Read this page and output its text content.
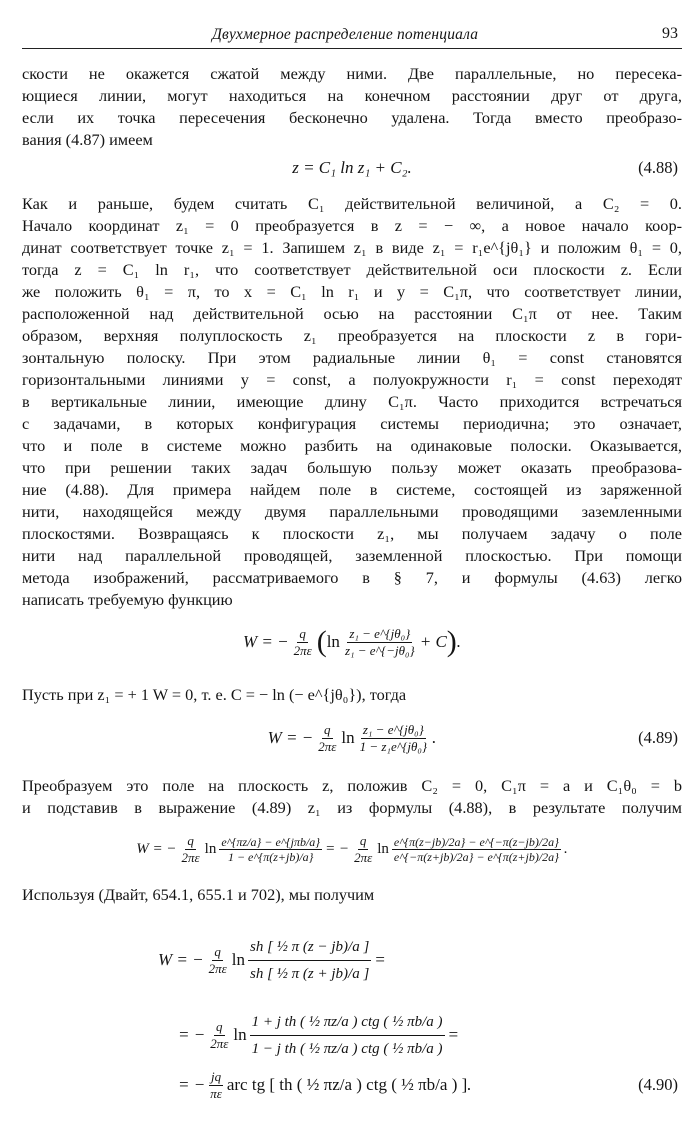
Двухмерное распределение потенциала	93
скости не окажется сжатой между ними. Две параллельные, но пересека-
ющиеся линии, могут находиться на конечном расстоянии друг от друга,
если их точка пересечения бесконечно удалена. Тогда вместо преобразо-
вания (4.87) имеем
z = C₁ ln z₁ + C₂.	(4.88)
Как и раньше, будем считать C₁ действительной величиной, а C₂ = 0.
Начало координат z₁ = 0 преобразуется в z = − ∞, а новое начало коор-
динат соответствует точке z₁ = 1. Запишем z₁ в виде z₁ = r₁e^{jθ₁} и положим θ₁ = 0,
тогда z = C₁ ln r₁, что соответствует действительной оси плоскости z. Если
же положить θ₁ = π, то x = C₁ ln r₁ и y = C₁π, что соответствует линии,
расположенной над действительной осью на расстоянии C₁π от нее. Таким
образом, верхняя полуплоскость z₁ преобразуется на плоскости z в гори-
зонтальную полоску. При этом радиальные линии θ₁ = const становятся
горизонтальными линиями y = const, а полуокружности r₁ = const переходят
в вертикальные линии, имеющие длину C₁π. Часто приходится встречаться
с задачами, в которых конфигурация системы периодична; это означает,
что и поле в системе можно разбить на одинаковые полоски. Оказывается,
что при решении таких задач большую пользу может оказать преобразова-
ние (4.88). Для примера найдем поле в системе, состоящей из заряженной
нити, находящейся между двумя параллельными проводящими заземленными
плоскостями. Возвращаясь к плоскости z₁, мы получаем задачу о поле
нити над параллельной проводящей, заземленной плоскостью. При помощи
метода изображений, рассматриваемого в § 7, и формулы (4.63) легко
написать требуемую функцию
W = − $\frac{q}{2\pi\varepsilon}$ ( $\ln \frac{\text{z₁ − e\textasciicircum{}\{jθ₀\}}}{\text{z₁ − e\textasciicircum{}\{−jθ₀\}}} + C$ ) .
Пусть при z₁ = + 1 W = 0, т. е. C = − ln (− e^{jθ₀}), тогда
W = − $\frac{q}{2\pi\varepsilon}$ $\ln \frac{\text{z₁ − e\textasciicircum{}\{jθ₀\}}}{\text{1 − z₁e\textasciicircum{}\{jθ₀\}}}$ .	(4.89)
Преобразуем это поле на плоскость z, положив C₂ = 0, C₁π = a и C₁θ₀ = b
и подставив в выражение (4.89) z₁ из формулы (4.88), в результате получим
W = − $\frac{q}{2\pi\varepsilon}$ $\ln \frac{\text{e\textasciicircum{}\{πz/a\} − e\textasciicircum{}\{jπb/a\}}}{1 - e\^{}\{\pi(z+jb)/a\}}$ = − $\frac{q}{2\pi\varepsilon}$ $\ln \frac{e\^{}\{\pi(z-jb)/2a\} - e\^{}\{-\pi(z-jb)/2a\}}{e\^{}\{-\pi(z+jb)/2a\} - e\^{}\{\pi(z+jb)/2a\}}$ .
Используя (Двайт, 654.1, 655.1 и 702), мы получим
W = − $\frac{q}{2\pi\varepsilon}$ $\ln \frac{\text{sh [ ½ π (z − jb)/a ]}}{\text{sh [ ½ π (z + jb)/a ]}}$ =
= − $\frac{q}{2\pi\varepsilon}$ $\ln \frac{\text{1 + j th ( ½ πz/a ) ctg ( ½ πb/a )}}{\text{1 − j th ( ½ πz/a ) ctg ( ½ πb/a )}}$ =
= − $\frac{jq}{\pi\varepsilon}$ arc tg [ th ( ½ πz/a ) ctg ( ½ πb/a ) ] .	(4.90)
